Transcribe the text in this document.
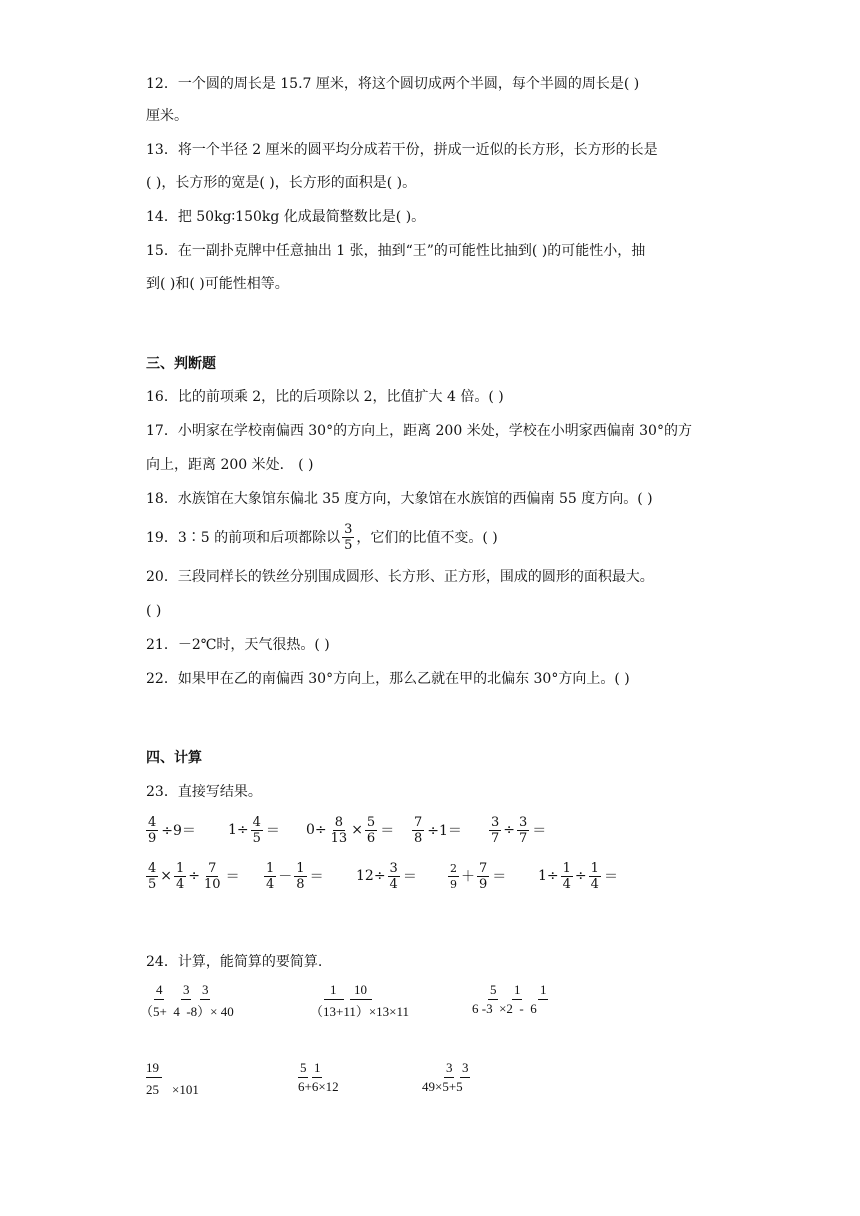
12．一个圆的周长是 15.7 厘米，将这个圆切成两个半圆，每个半圆的周长是( )
厘米。
13．将一个半径 2 厘米的圆平均分成若干份，拼成一近似的长方形，长方形的长是
( )，长方形的宽是( )，长方形的面积是( )。
14．把 50kg∶150kg 化成最简整数比是( )。
15．在一副扑克牌中任意抽出 1 张，抽到“王”的可能性比抽到( )的可能性小，抽
到( )和( )可能性相等。
三、判断题
16．比的前项乘 2，比的后项除以 2，比值扩大 4 倍。( )
17．小明家在学校南偏西 30°的方向上，距离 200 米处，学校在小明家西偏南 30°的方
向上，距离 200 米处． ( )
18．水族馆在大象馆东偏北 35 度方向，大象馆在水族馆的西偏南 55 度方向。( )
19．3∶5 的前项和后项都除以 $\frac{3}{5}$ ，它们的比值不变。( )
20．三段同样长的铁丝分别围成圆形、长方形、正方形，围成的圆形的面积最大。
( )
21．－2℃时，天气很热。( )
22．如果甲在乙的南偏西 30°方向上，那么乙就在甲的北偏东 30°方向上。( )
四、计算
23．直接写结果。
$\frac{4}{9} \div 9= 1\div \frac{4}{5} = 0\div \frac{8}{13} \times \frac{5}{6} = \frac{7}{8} \div 1= \frac{3}{7} \div \frac{3}{7}$ ＝
$\frac{4}{5} \times \frac{1}{4} \div \frac{7}{10} = \frac{1}{4} - \frac{1}{8} = 12\div \frac{3}{4}$ ＝	$\frac{2}{9} + \frac{7}{9} = 1\div \frac{1}{4} \div \frac{1}{4}$ ＝
24．计算，能简算的要简算.
4 3 3
（5+  4  -8）× 40
1 10
（13+11）×13×11
5 1 1
6 -3  ×2  -  6
19
25    ×101
5 1
6+6×12
3 3
49×5+5
